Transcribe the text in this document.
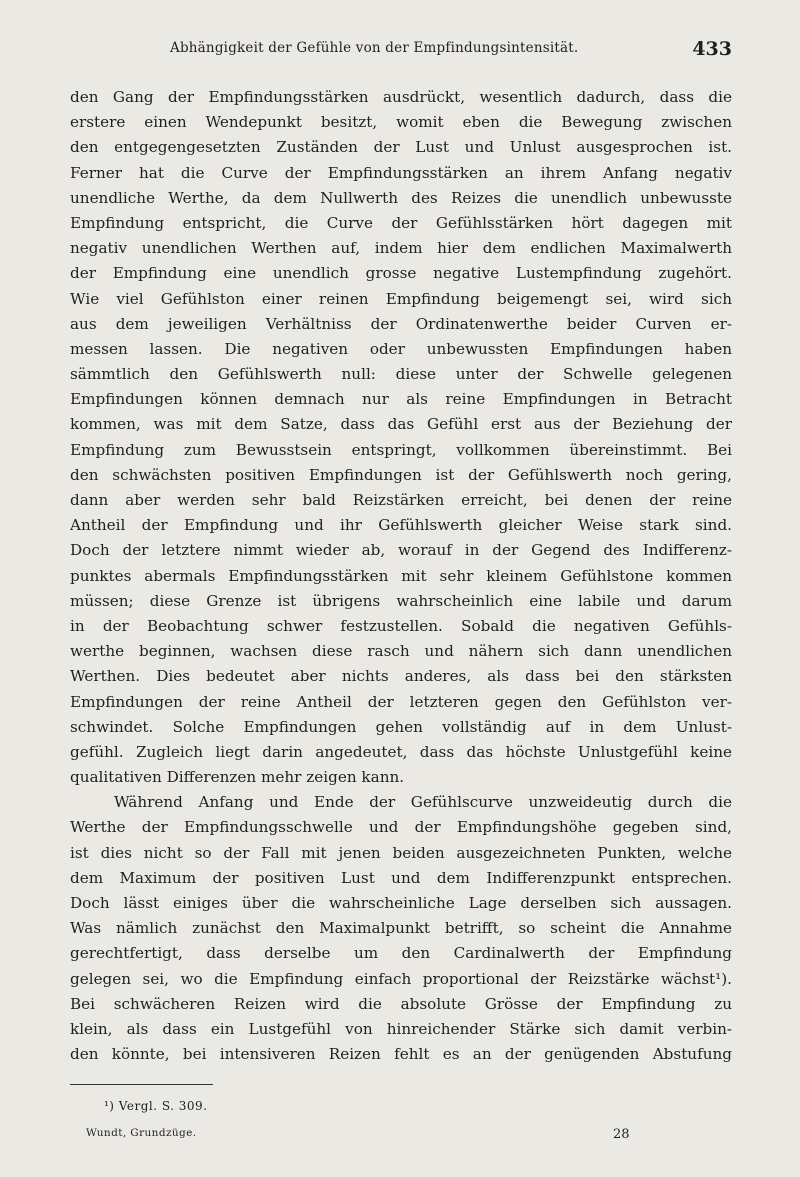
Abhängigkeit der Gefühle von der Empfindungsintensität.	433
den Gang der Empfindungsstärken ausdrückt, wesentlich dadurch, dass die
erstere einen Wendepunkt besitzt, womit eben die Bewegung zwischen
den entgegengesetzten Zuständen der Lust und Unlust ausgesprochen ist.
Ferner hat die Curve der Empfindungsstärken an ihrem Anfang negativ
unendliche Werthe, da dem Nullwerth des Reizes die unendlich unbewusste
Empfindung entspricht, die Curve der Gefühlsstärken hört dagegen mit
negativ unendlichen Werthen auf, indem hier dem endlichen Maximalwerth
der Empfindung eine unendlich grosse negative Lustempfindung zugehört.
Wie viel Gefühlston einer reinen Empfindung beigemengt sei, wird sich
aus dem jeweiligen Verhältniss der Ordinatenwerthe beider Curven er-
messen lassen. Die negativen oder unbewussten Empfindungen haben
sämmtlich den Gefühlswerth null: diese unter der Schwelle gelegenen
Empfindungen können demnach nur als reine Empfindungen in Betracht
kommen, was mit dem Satze, dass das Gefühl erst aus der Beziehung der
Empfindung zum Bewusstsein entspringt, vollkommen übereinstimmt. Bei
den schwächsten positiven Empfindungen ist der Gefühlswerth noch gering,
dann aber werden sehr bald Reizstärken erreicht, bei denen der reine
Antheil der Empfindung und ihr Gefühlswerth gleicher Weise stark sind.
Doch der letztere nimmt wieder ab, worauf in der Gegend des Indifferenz-
punktes abermals Empfindungsstärken mit sehr kleinem Gefühlstone kommen
müssen; diese Grenze ist übrigens wahrscheinlich eine labile und darum
in der Beobachtung schwer festzustellen. Sobald die negativen Gefühls-
werthe beginnen, wachsen diese rasch und nähern sich dann unendlichen
Werthen. Dies bedeutet aber nichts anderes, als dass bei den stärksten
Empfindungen der reine Antheil der letzteren gegen den Gefühlston ver-
schwindet. Solche Empfindungen gehen vollständig auf in dem Unlust-
gefühl. Zugleich liegt darin angedeutet, dass das höchste Unlustgefühl keine
qualitativen Differenzen mehr zeigen kann.
Während Anfang und Ende der Gefühlscurve unzweideutig durch die
Werthe der Empfindungsschwelle und der Empfindungshöhe gegeben sind,
ist dies nicht so der Fall mit jenen beiden ausgezeichneten Punkten, welche
dem Maximum der positiven Lust und dem Indifferenzpunkt entsprechen.
Doch lässt einiges über die wahrscheinliche Lage derselben sich aussagen.
Was nämlich zunächst den Maximalpunkt betrifft, so scheint die Annahme
gerechtfertigt, dass derselbe um den Cardinalwerth der Empfindung
gelegen sei, wo die Empfindung einfach proportional der Reizstärke wächst¹).
Bei schwächeren Reizen wird die absolute Grösse der Empfindung zu
klein, als dass ein Lustgefühl von hinreichender Stärke sich damit verbin-
den könnte, bei intensiveren Reizen fehlt es an der genügenden Abstufung
¹) Vergl. S. 309.
Wundt, Grundzüge.	28
